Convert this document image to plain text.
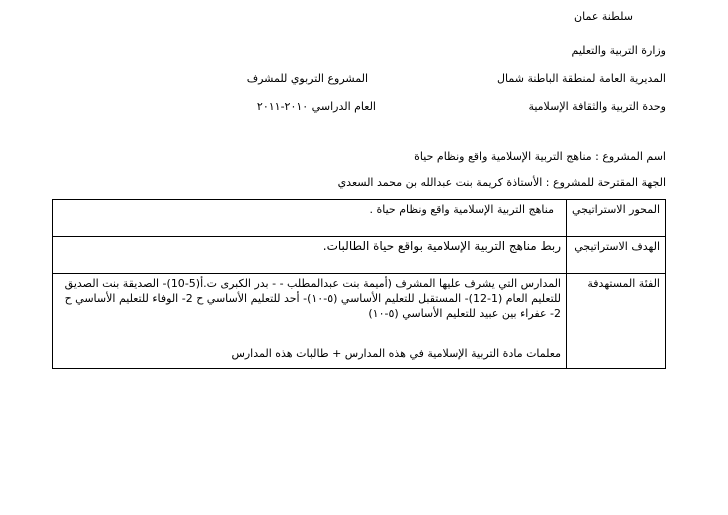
سلطنة عمان
وزارة التربية والتعليم
المديرية العامة لمنطقة الباطنة شمال
المشروع التربوي للمشرف
وحدة التربية والثقافة الإسلامية
العام الدراسي ٢٠١٠-٢٠١١
اسم المشروع : مناهج التربية الإسلامية واقع ونظام حياة
الجهة المقترحة للمشروع : الأستاذة كريمة بنت عبدالله بن محمد السعدي
المحور الاستراتيجي	مناهج التربية الإسلامية واقع ونظام حياة .
الهدف الاستراتيجي	ربط مناهج التربية الإسلامية بواقع حياة الطالبات.
الفئة المستهدفة	المدارس التي يشرف عليها المشرف (أميمة بنت عبدالمطلب - - بدر الكبرى ت.أ(5-10)- الصديقة بنت الصديق للتعليم العام (1-12)- المستقبل للتعليم الأساسي (٥-١٠)- أحد للتعليم الأساسي ح 2- الوفاء للتعليم الأساسي ح 2- عفراء بين عبيد للتعليم الأساسي (٥-١٠)
معلمات مادة التربية الإسلامية في هذه المدارس + طالبات هذه المدارس
